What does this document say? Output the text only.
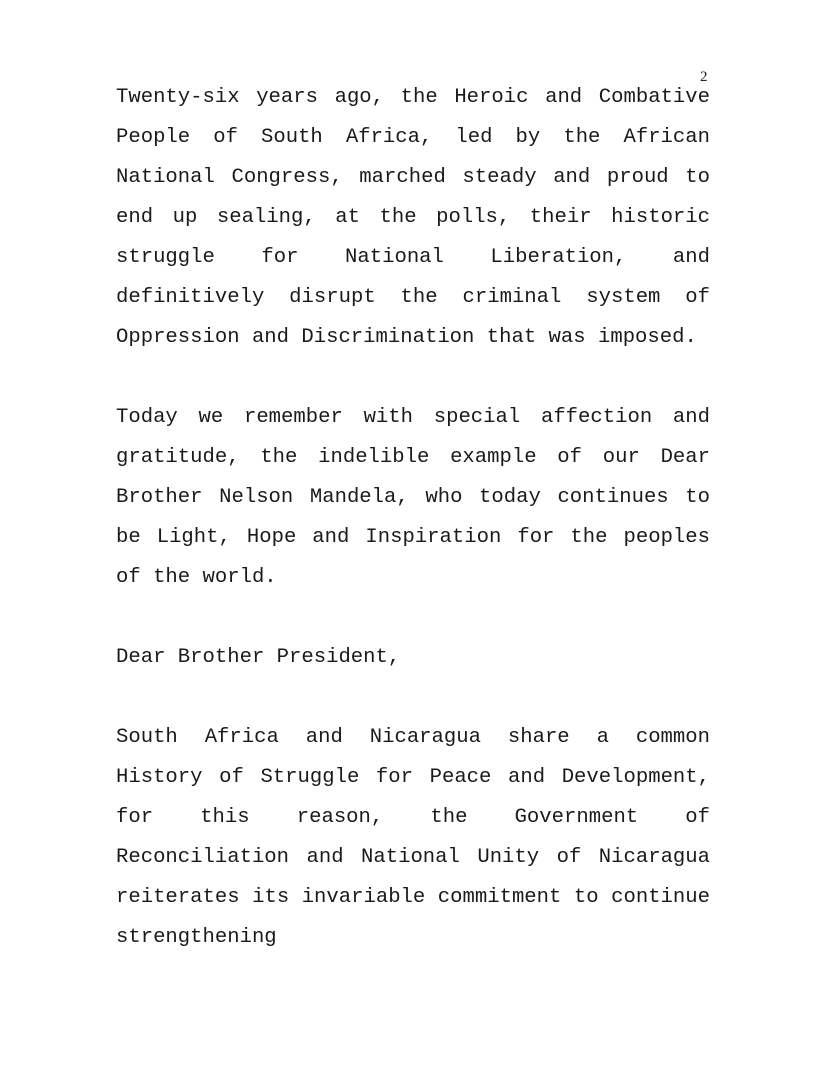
2

Twenty-six years ago, the Heroic and Combative People of South Africa, led by the African National Congress, marched steady and proud to end up sealing, at the polls, their historic struggle for National Liberation, and definitively disrupt the criminal system of Oppression and Discrimination that was imposed.

Today we remember with special affection and gratitude, the indelible example of our Dear Brother Nelson Mandela, who today continues to be Light, Hope and Inspiration for the peoples of the world.

Dear Brother President,

South Africa and Nicaragua share a common History of Struggle for Peace and Development, for this reason, the Government of Reconciliation and National Unity of Nicaragua reiterates its invariable commitment to continue strengthening
